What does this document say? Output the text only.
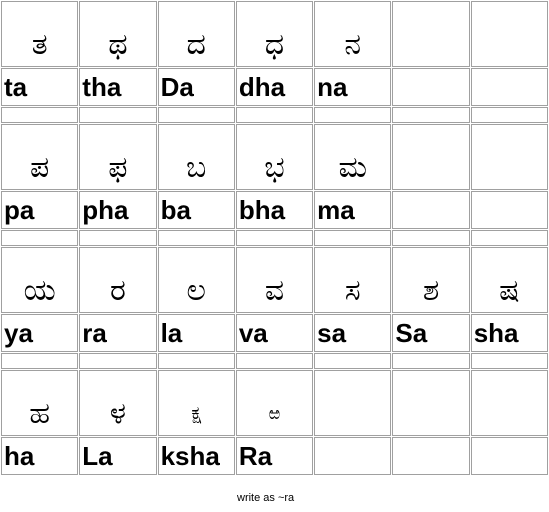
ತ	ಥ	ದ	ಧ	ನ		

ta	tha	Da	dha	na		

ಪ	ಫ	ಬ	ಭ	ಮ		

pa	pha	ba	bha	ma		

ಯ	ರ	ಲ	ವ	ಸ	ಶ	ಷ

ya	ra	la	va	sa	Sa	sha

ಹ	ಳ	ಕ್ಷ	ಱ			

ha	La	ksha	Ra			

write as ~ra
